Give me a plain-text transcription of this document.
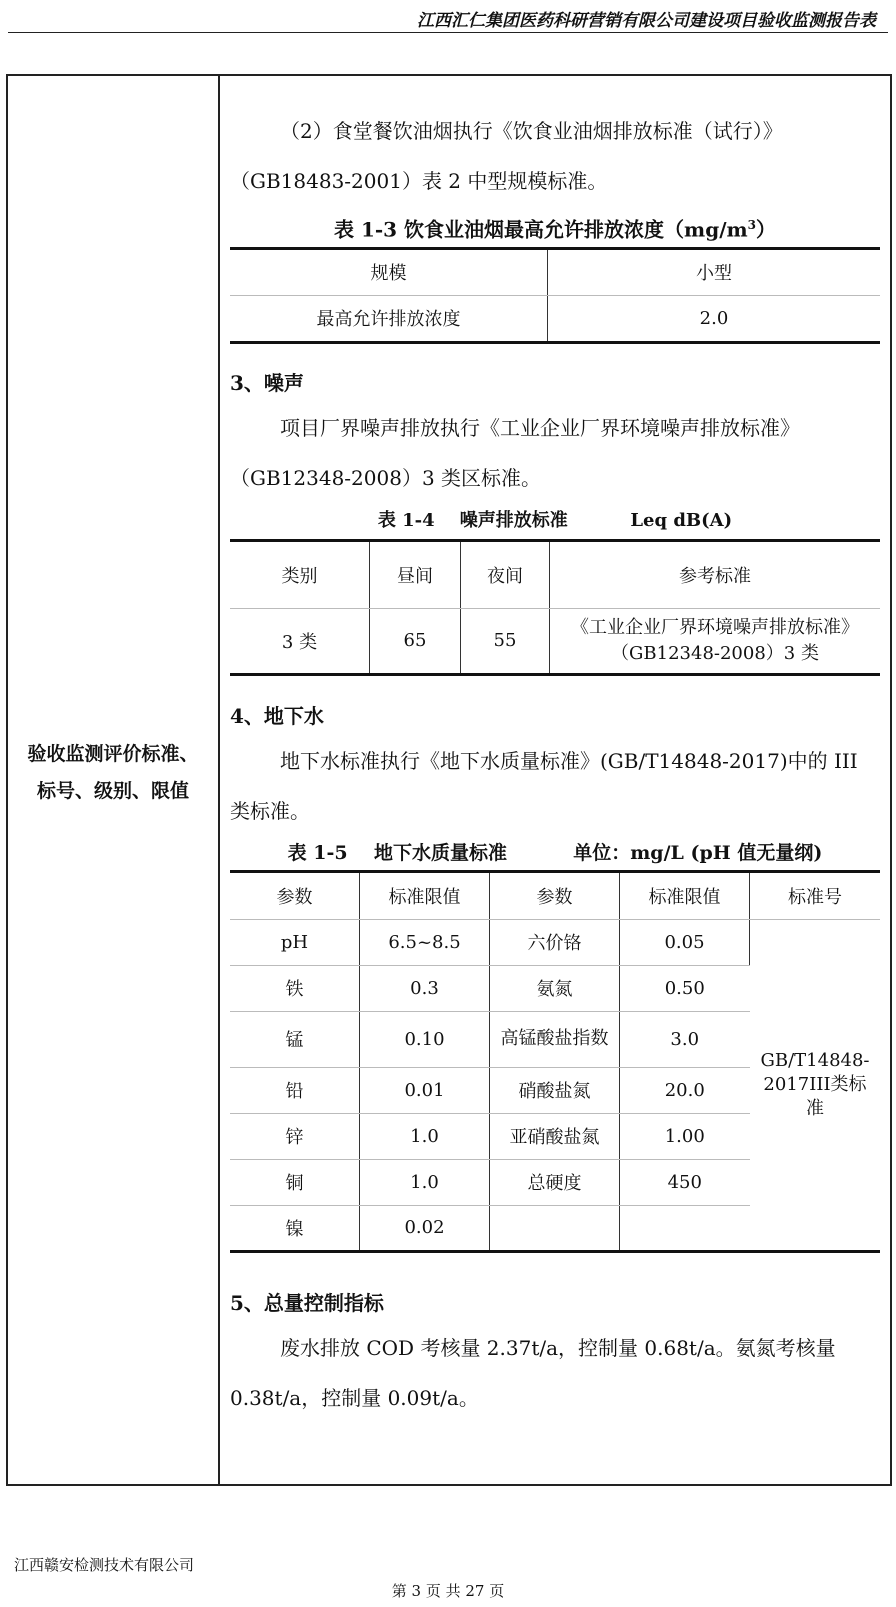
江西汇仁集团医药科研营销有限公司建设项目验收监测报告表
验收监测评价标准、
标号、级别、限值

（2）食堂餐饮油烟执行《饮食业油烟排放标准（试行）》（GB18483-2001）表 2 中型规模标准。

表 1-3 饮食业油烟最高允许排放浓度$(mg/m^3)$

规模	小型
最高允许排放浓度	2.0

3、噪声

项目厂界噪声排放执行《工业企业厂界环境噪声排放标准》（GB12348-2008）3 类区标准。

表 1-4    噪声排放标准          Leq dB(A)

类别	昼间	夜间	参考标准
3 类	65	55	《工业企业厂界环境噪声排放标准》（GB12348-2008）3 类

4、地下水

地下水标准执行《地下水质量标准》(GB/T14848-2017)中的 III 类标准。

表 1-5    地下水质量标准          单位：mg/L (pH 值无量纲)

参数	标准限值	参数	标准限值	标准号
pH	6.5~8.5	六价铬	0.05	GB/T14848-2017III类标准
铁	0.3	氨氮	0.50	
锰	0.10	高锰酸盐指数	3.0	
铅	0.01	硝酸盐氮	20.0	
锌	1.0	亚硝酸盐氮	1.00	
铜	1.0	总硬度	450	
镍	0.02			

5、总量控制指标

废水排放 COD 考核量 2.37t/a，控制量 0.68t/a。氨氮考核量 0.38t/a，控制量 0.09t/a。

江西赣安检测技术有限公司
第 3 页 共 27 页
